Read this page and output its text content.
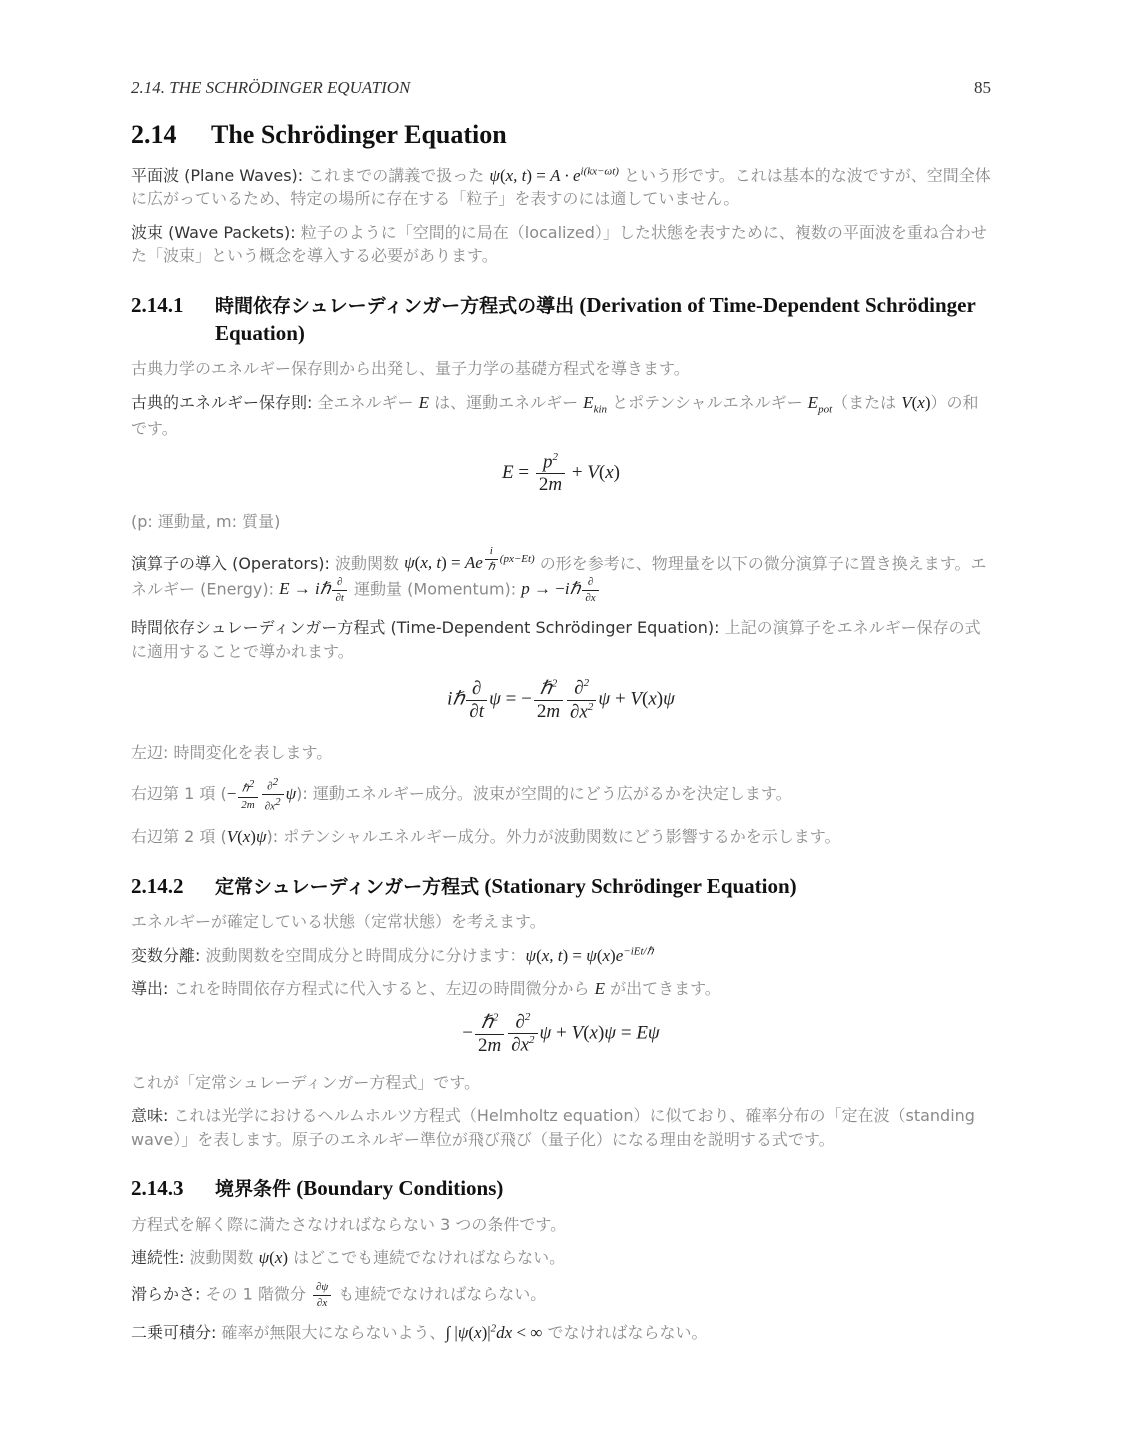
2.14. THE SCHRÖDINGER EQUATION	85
2.14 The Schrödinger Equation

平面波 (Plane Waves): これまでの講義で扱った ψ(x, $t) = A \cdot e^{i(kx-\omega t)}$ という形です。これは基本的な波ですが、空間全体に広がっているため、特定の場所に存在する「粒子」を表すのには適していません。

波束 (Wave Packets): 粒子のように「空間的に局在（localized）」した状態を表すために、複数の平面波を重ね合わせた「波束」という概念を導入する必要があります。

2.14.1	時間依存シュレーディンガー方程式の導出 (Derivation of Time-Dependent Schrödinger Equation)

古典力学のエネルギー保存則から出発し、量子力学の基礎方程式を導きます。

古典的エネルギー保存則: 全エネルギー E は、運動エネルギー $E_{kin}$ とポテンシャルエネルギー $E_{pot}$（または V(x)）の和です。

$E = \frac{p^2}{2m} + V(x)$

(p: 運動量, m: 質量)

演算子の導入 (Operators): 波動関数 ψ(x, t) = Ae $^{\frac{i}{\text{ℏ}} (px-Et)}$ の形を参考に、物理量を以下の微分演算子に置き換えます。エネルギー (Energy): E → iℏ $\frac{\partial}{\partial t}$ 運動量 (Momentum): p → −iℏ $\frac{\partial}{\partial x}$

時間依存シュレーディンガー方程式 (Time-Dependent Schrödinger Equation): 上記の演算子をエネルギー保存の式に適用することで導かれます。

iℏ $\frac{\partial}{\partial t}$ ψ = − $\frac{\hbar^2}{2m} \frac{\partial^2}{\partial x^2}$ ψ + V(x)ψ

左辺: 時間変化を表します。

右辺第 1 項 (− $\frac{\hbar^2}{2m} \frac{\partial^2}{\partial x^2} \psi$): 運動エネルギー成分。波束が空間的にどう広がるかを決定します。

右辺第 2 項 (V(x)ψ): ポテンシャルエネルギー成分。外力が波動関数にどう影響するかを示します。

2.14.2	定常シュレーディンガー方程式 (Stationary Schrödinger Equation)

エネルギーが確定している状態（定常状態）を考えます。

変数分離: 波動関数を空間成分と時間成分に分けます：ψ(x, $t) = \psi(x)e^{-iEt/\hbar}$

導出: これを時間依存方程式に代入すると、左辺の時間微分から E が出てきます。

− $\frac{\hbar^2}{2m} \frac{\partial^2}{\partial x^2}$ ψ + V(x)ψ = Eψ

これが「定常シュレーディンガー方程式」です。

意味: これは光学におけるヘルムホルツ方程式（Helmholtz equation）に似ており、確率分布の「定在波（standing wave）」を表します。原子のエネルギー準位が飛び飛び（量子化）になる理由を説明する式です。

2.14.3	境界条件 (Boundary Conditions)

方程式を解く際に満たさなければならない 3 つの条件です。

連続性: 波動関数 ψ(x) はどこでも連続でなければならない。

滑らかさ: その 1 階微分 $\frac{\partial\psi}{\partial x}$ も連続でなければならない。

二乗可積分: 確率が無限大にならないよう、∫ $|\psi(x)|^2dx$ < ∞ でなければならない。
